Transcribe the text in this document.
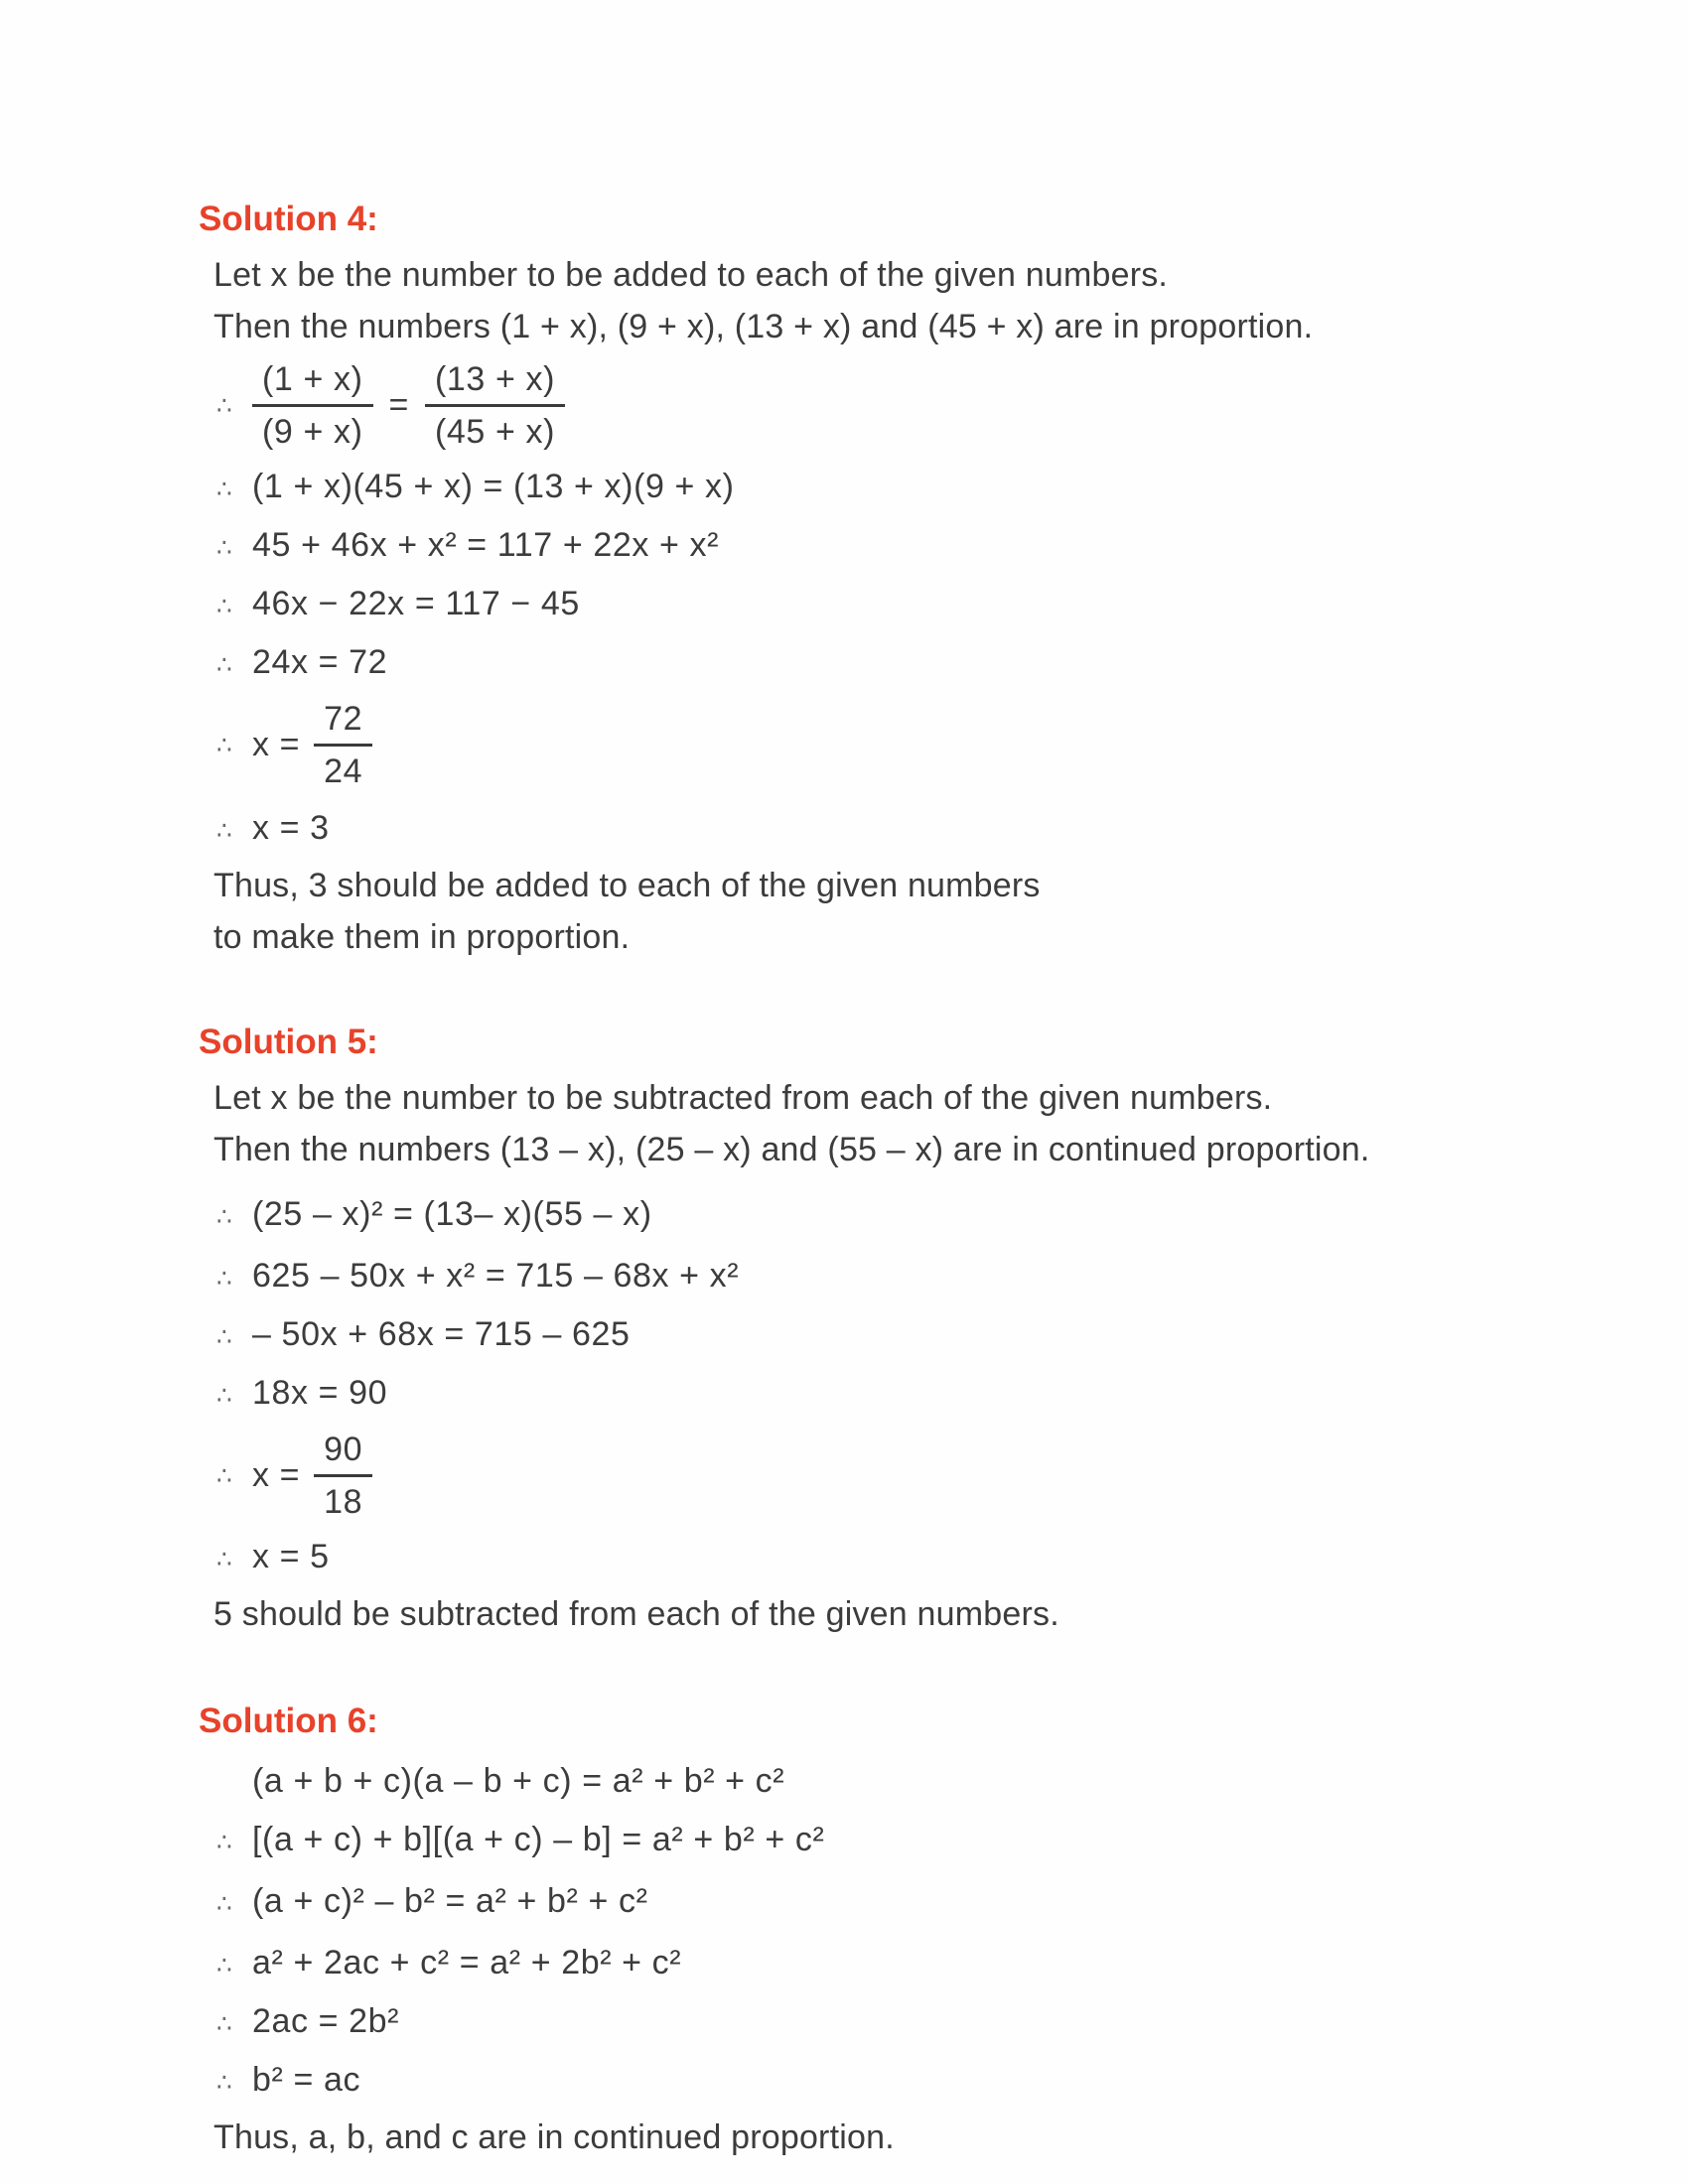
Solution 4:
Let x be the number to be added to each of the given numbers.
Then the numbers (1 + x), (9 + x), (13 + x) and (45 + x) are in proportion.
∴ $\frac{(1 + x)}{(9 + x)} = \frac{(13 + x)}{(45 + x)}$
∴ (1 + x)(45 + x) = (13 + x)(9 + x)
∴ 45 + 46x + x² = 117 + 22x + x²
∴ 46x − 22x = 117 − 45
∴ 24x = 72
∴ $x = \frac{72}{24}$
∴ x = 3
Thus, 3 should be added to each of the given numbers
to make them in proportion.
Solution 5:
Let x be the number to be subtracted from each of the given numbers.
Then the numbers (13 – x), (25 – x) and (55 – x) are in continued proportion.
∴ (25 – x)² = (13– x)(55 – x)
∴ 625 – 50x + x² = 715 – 68x + x²
∴ – 50x + 68x = 715 – 625
∴ 18x = 90
∴ $x = \frac{90}{18}$
∴ x = 5
5 should be subtracted from each of the given numbers.
Solution 6:
(a + b + c)(a – b + c) = a² + b² + c²
∴ [(a + c) + b][(a + c) – b] = a² + b² + c²
∴ (a + c)² – b² = a² + b² + c²
∴ a² + 2ac + c² = a² + 2b² + c²
∴ 2ac = 2b²
∴ b² = ac
Thus, a, b, and c are in continued proportion.
